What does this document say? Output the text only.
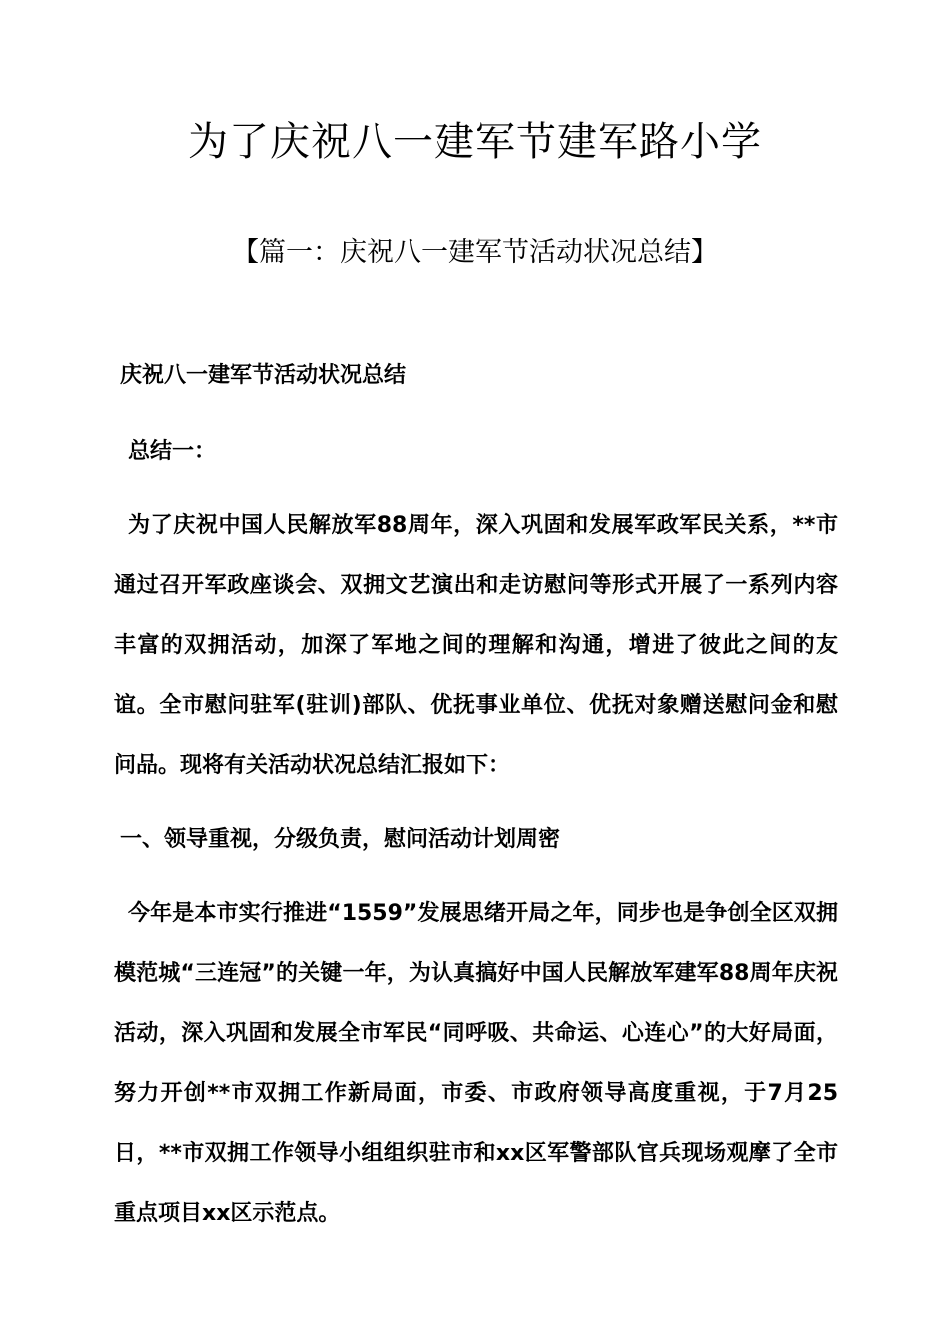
为了庆祝八一建军节建军路小学
【篇一：庆祝八一建军节活动状况总结】
庆祝八一建军节活动状况总结

总结一：

为了庆祝中国人民解放军88周年，深入巩固和发展军政军民关系，**市通过召开军政座谈会、双拥文艺演出和走访慰问等形式开展了一系列内容丰富的双拥活动，加深了军地之间的理解和沟通，增进了彼此之间的友谊。全市慰问驻军(驻训)部队、优抚事业单位、优抚对象赠送慰问金和慰问品。现将有关活动状况总结汇报如下：

一、领导重视，分级负责，慰问活动计划周密

今年是本市实行推进“1559”发展思绪开局之年，同步也是争创全区双拥模范城“三连冠”的关键一年，为认真搞好中国人民解放军建军88周年庆祝活动，深入巩固和发展全市军民“同呼吸、共命运、心连心”的大好局面，努力开创**市双拥工作新局面，市委、市政府领导高度重视，于7月25日，**市双拥工作领导小组组织驻市和xx区军警部队官兵现场观摩了全市重点项目xx区示范点。
